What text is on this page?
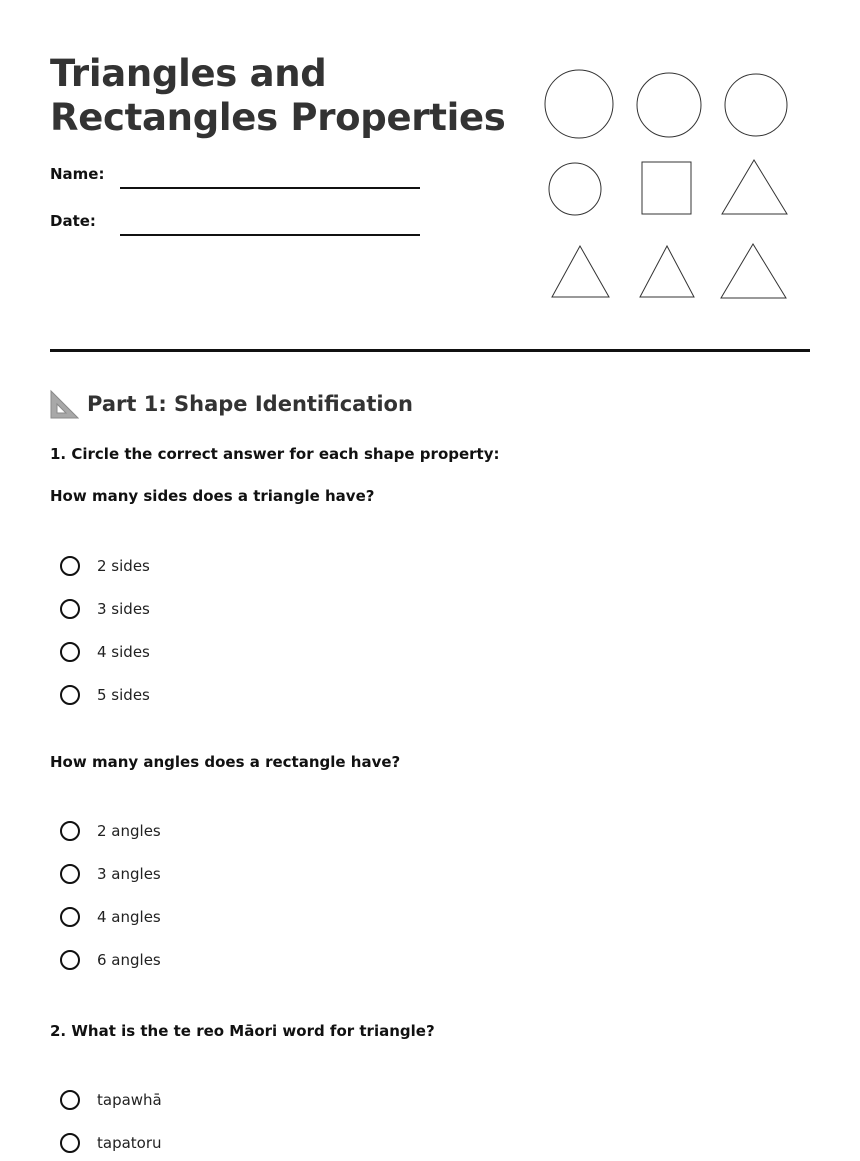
Triangles and
Rectangles Properties
Name:
Date:
Part 1: Shape Identification
1. Circle the correct answer for each shape property:
How many sides does a triangle have?
2 sides
3 sides
4 sides
5 sides
How many angles does a rectangle have?
2 angles
3 angles
4 angles
6 angles
2. What is the te reo Māori word for triangle?
tapawhā
tapatoru
